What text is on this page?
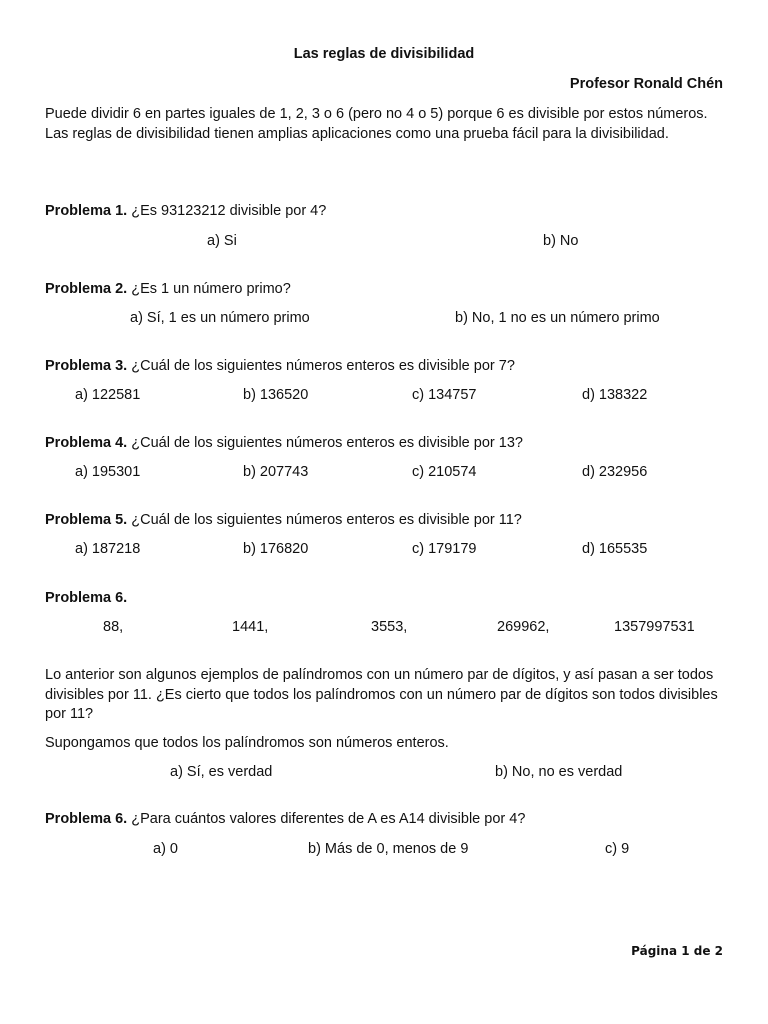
Las reglas de divisibilidad
Profesor Ronald Chén
Puede dividir 6 en partes iguales de 1, 2, 3 o 6 (pero no 4 o 5) porque 6 es divisible por estos números. Las reglas de divisibilidad tienen amplias aplicaciones como una prueba fácil para la divisibilidad.
Problema 1. ¿Es 93123212 divisible por 4?
a) Si	b) No
Problema 2. ¿Es 1 un número primo?
a) Sí, 1 es un número primo	b) No, 1 no es un número primo
Problema 3. ¿Cuál de los siguientes números enteros es divisible por 7?
a) 122581	b) 136520	c) 134757	d) 138322
Problema 4. ¿Cuál de los siguientes números enteros es divisible por 13?
a) 195301	b) 207743	c) 210574	d) 232956
Problema 5. ¿Cuál de los siguientes números enteros es divisible por 11?
a) 187218	b) 176820	c) 179179	d) 165535
Problema 6.
88,	1441,	3553,	269962,	1357997531
Lo anterior son algunos ejemplos de palíndromos con un número par de dígitos, y así pasan a ser todos divisibles por 11. ¿Es cierto que todos los palíndromos con un número par de dígitos son todos divisibles por 11?
Supongamos que todos los palíndromos son números enteros.
a) Sí, es verdad	b) No, no es verdad
Problema 6. ¿Para cuántos valores diferentes de A es A14 divisible por 4?
a) 0	b) Más de 0, menos de 9	c) 9
Página 1 de 2
